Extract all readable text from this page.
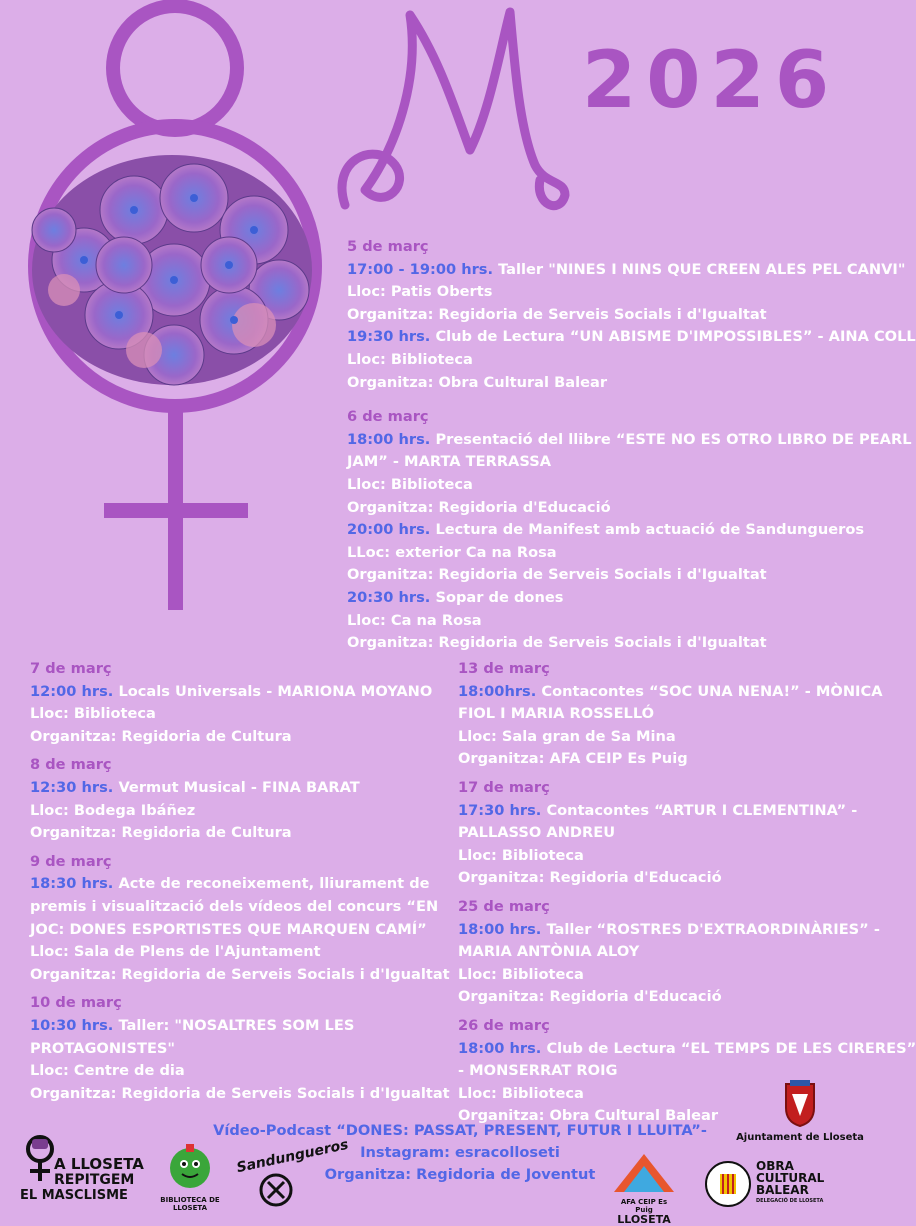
2026
5 de març
17:00 - 19:00 hrs. Taller "NINES I NINS QUE CREEN ALES PEL CANVI"
Lloc: Patis Oberts
Organitza: Regidoria de Serveis Socials i d'Igualtat
19:30 hrs. Club de Lectura “UN ABISME D'IMPOSSIBLES” - AINA COLL
Lloc: Biblioteca
Organitza: Obra Cultural Balear
6 de març
18:00 hrs. Presentació del llibre “ESTE NO ES OTRO LIBRO DE PEARL
JAM” - MARTA TERRASSA
Lloc: Biblioteca
Organitza: Regidoria d'Educació
20:00 hrs. Lectura de Manifest amb actuació de Sandungueros
LLoc: exterior Ca na Rosa
Organitza: Regidoria de Serveis Socials i d'Igualtat
20:30 hrs. Sopar de dones
Lloc: Ca na Rosa
Organitza: Regidoria de Serveis Socials i d'Igualtat
7 de març
12:00 hrs. Locals Universals - MARIONA MOYANO
Lloc: Biblioteca
Organitza: Regidoria de Cultura
8 de març
12:30 hrs. Vermut Musical - FINA BARAT
Lloc: Bodega Ibáñez
Organitza: Regidoria de Cultura
9 de març
18:30 hrs. Acte de reconeixement, lliurament de
premis i visualització dels vídeos del concurs “EN
JOC: DONES ESPORTISTES QUE MARQUEN CAMÍ”
Lloc: Sala de Plens de l'Ajuntament
Organitza: Regidoria de Serveis Socials i d'Igualtat
10 de març
10:30 hrs. Taller: "NOSALTRES SOM LES
PROTAGONISTES"
Lloc: Centre de dia
Organitza: Regidoria de Serveis Socials i d'Igualtat
13 de març
18:00hrs. Contacontes “SOC UNA NENA!” - MÒNICA
FIOL I MARIA ROSSELLÓ
Lloc: Sala gran de Sa Mina
Organitza: AFA CEIP Es Puig
17 de març
17:30 hrs. Contacontes “ARTUR I CLEMENTINA” -
PALLASSO ANDREU
Lloc: Biblioteca
Organitza: Regidoria d'Educació
25 de març
18:00 hrs. Taller “ROSTRES D'EXTRAORDINÀRIES” -
MARIA ANTÒNIA ALOY
Lloc: Biblioteca
Organitza: Regidoria d'Educació
26 de març
18:00 hrs. Club de Lectura “EL TEMPS DE LES CIRERES”
- MONSERRAT ROIG
Lloc: Biblioteca
Organitza: Obra Cultural Balear
Vídeo-Podcast “DONES: PASSAT, PRESENT, FUTUR I LLUITA”-
Instagram: esracolloseti
Organitza: Regidoria de Joventut
A LLOSETA
REPITGEM
EL MASCLISME	BIBLIOTECA DE
LLOSETA
Sandungueros
AFA CEIP Es Puig
LLOSETA
OBRA
CULTURAL
BALEAR
DELEGACIÓ DE LLOSETA
Ajuntament de Lloseta
